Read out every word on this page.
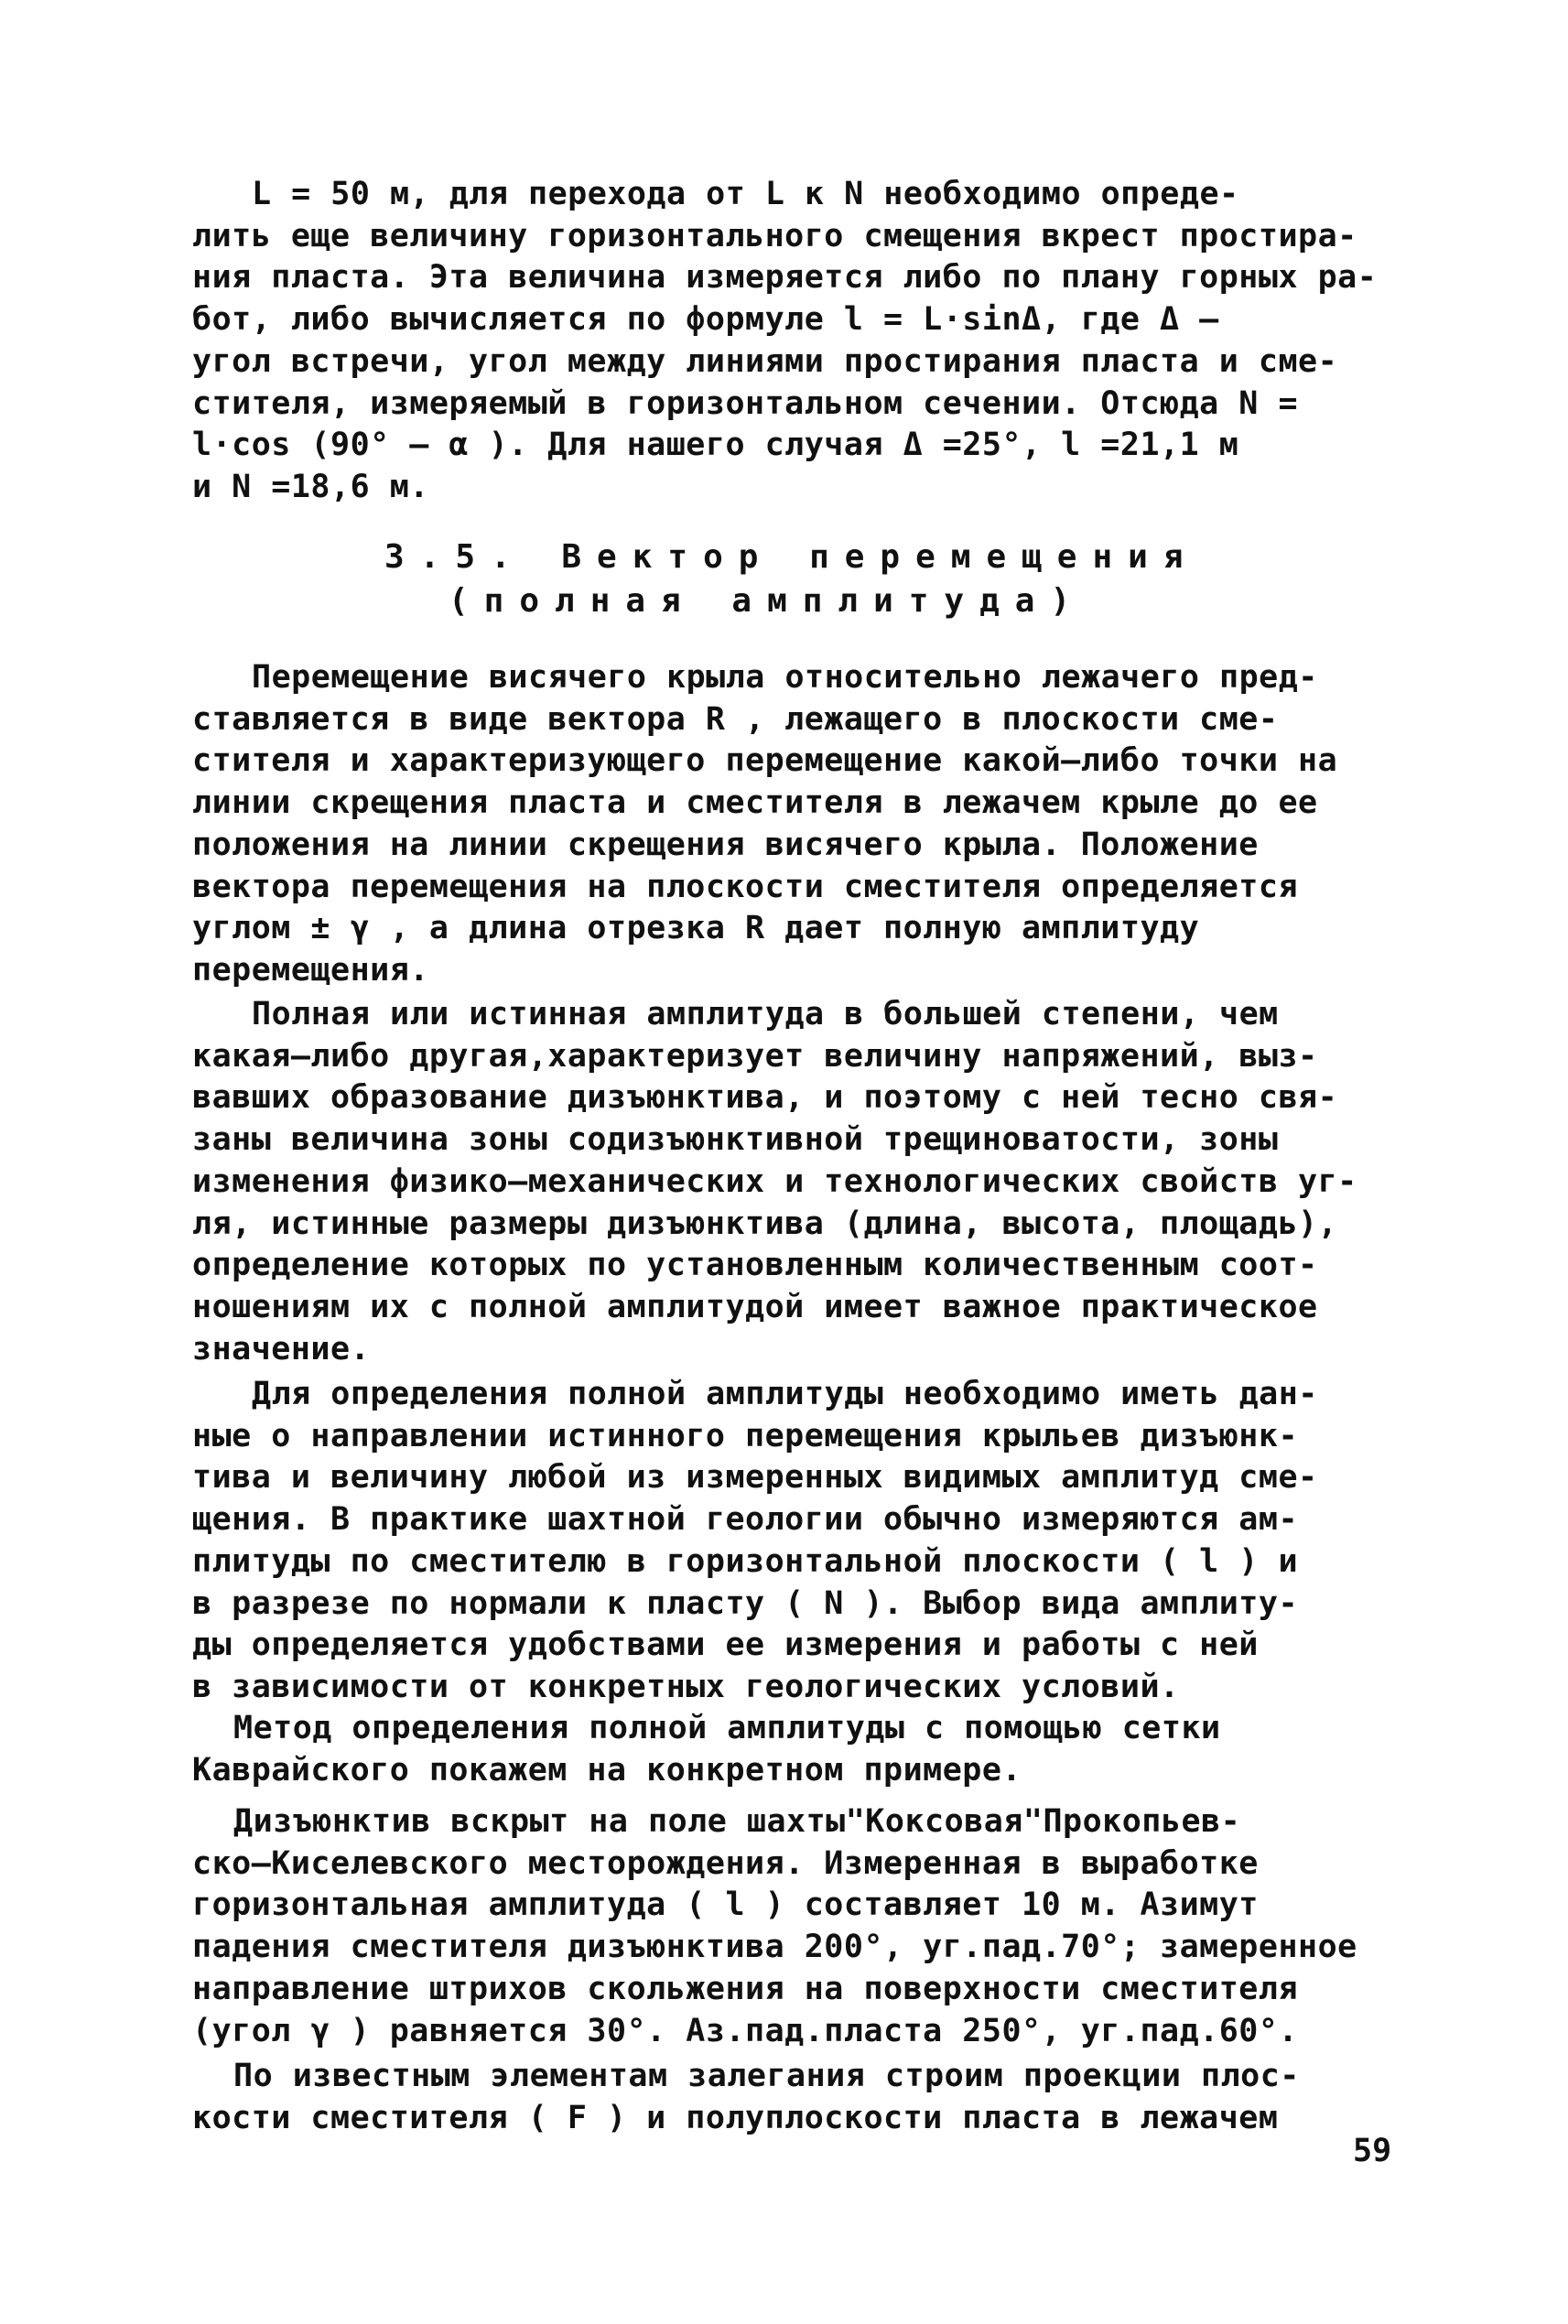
L = 50 м, для перехода от L к N необходимо опреде-
лить еще величину горизонтального смещения вкрест простира-
ния пласта. Эта величина измеряется либо по плану горных ра-
бот, либо вычисляется по формуле l = L·sinΔ, где Δ –
угол встречи, угол между линиями простирания пласта и сме-
стителя, измеряемый в горизонтальном сечении. Отсюда N =
l·cos (90° – α ). Для нашего случая Δ =25°, l =21,1 м
и N =18,6 м.
3.5. Вектор перемещения
(полная амплитуда)
Перемещение висячего крыла относительно лежачего пред-
ставляется в виде вектора R , лежащего в плоскости сме-
стителя и характеризующего перемещение какой–либо точки на
линии скрещения пласта и сместителя в лежачем крыле до ее
положения на линии скрещения висячего крыла. Положение
вектора перемещения на плоскости сместителя определяется
углом ± γ , а длина отрезка R дает полную амплитуду
перемещения.
Полная или истинная амплитуда в большей степени, чем
какая–либо другая,характеризует величину напряжений, выз-
вавших образование дизъюнктива, и поэтому с ней тесно свя-
заны величина зоны содизъюнктивной трещиноватости, зоны
изменения физико–механических и технологических свойств уг-
ля, истинные размеры дизъюнктива (длина, высота, площадь),
определение которых по установленным количественным соот-
ношениям их с полной амплитудой имеет важное практическое
значение.
Для определения полной амплитуды необходимо иметь дан-
ные о направлении истинного перемещения крыльев дизъюнк-
тива и величину любой из измеренных видимых амплитуд сме-
щения. В практике шахтной геологии обычно измеряются ам-
плитуды по сместителю в горизонтальной плоскости ( l ) и
в разрезе по нормали к пласту ( N ). Выбор вида амплиту-
ды определяется удобствами ее измерения и работы с ней
в зависимости от конкретных геологических условий.
Метод определения полной амплитуды с помощью сетки
Каврайского покажем на конкретном примере.
Дизъюнктив вскрыт на поле шахты"Коксовая"Прокопьев-
ско–Киселевского месторождения. Измеренная в выработке
горизонтальная амплитуда ( l ) составляет 10 м. Азимут
падения сместителя дизъюнктива 200°, уг.пад.70°; замеренное
направление штрихов скольжения на поверхности сместителя
(угол γ ) равняется 30°. Аз.пад.пласта 250°, уг.пад.60°.
По известным элементам залегания строим проекции плос-
кости сместителя ( F ) и полуплоскости пласта в лежачем
59
